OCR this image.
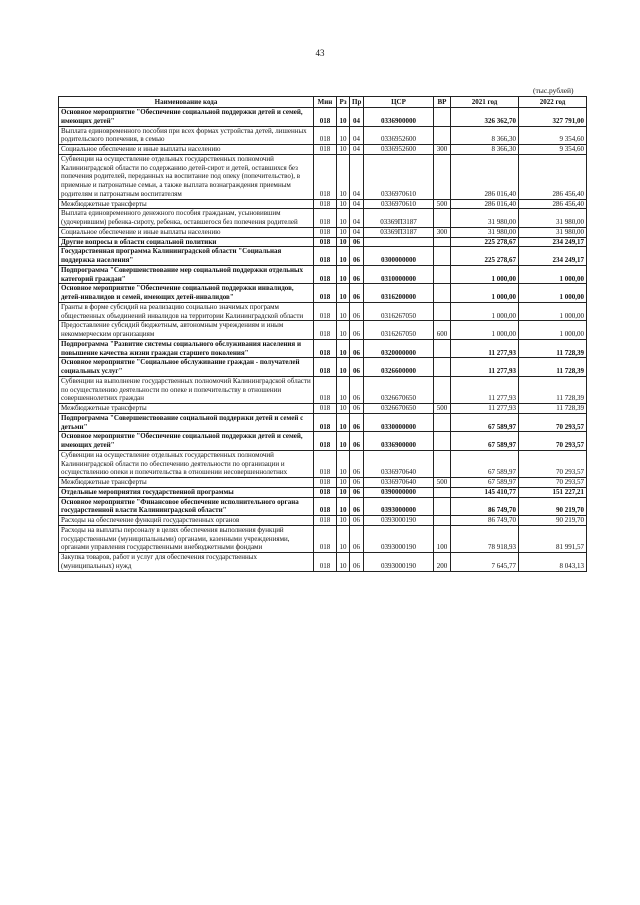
43
(тыс.рублей)
Наименование кода	Мин	Рз	Пр	ЦСР	ВР	2021 год	2022 год
Основное мероприятие "Обеспечение социальной поддержки детей и семей, имеющих детей"	018	10	04	0336900000		326 362,70	327 791,00
Выплата единовременного пособия при всех формах устройства детей, лишенных родительского попечения, в семью	018	10	04	0336952600		8 366,30	9 354,60
Социальное обеспечение и иные выплаты населению	018	10	04	0336952600	300	8 366,30	9 354,60
Субвенции на осуществление отдельных государственных полномочий Калининградской области по содержанию детей-сирот и детей, оставшихся без попечения родителей, переданных на воспитание под опеку (попечительство), в приемные и патронатные семьи, а также выплата вознаграждения приемным родителям и патронатным воспитателям	018	10	04	0336970610		286 016,40	286 456,40
Межбюджетные трансферты	018	10	04	0336970610	500	286 016,40	286 456,40
Выплата единовременного денежного пособия гражданам, усыновившим (удочерившим) ребенка-сироту, ребенка, оставшегося без попечения родителей	018	10	04	03369П3187		31 980,00	31 980,00
Социальное обеспечение и иные выплаты населению	018	10	04	03369П3187	300	31 980,00	31 980,00
Другие вопросы в области социальной политики	018	10	06			225 278,67	234 249,17
Государственная программа Калининградской области "Социальная поддержка населения"	018	10	06	0300000000		225 278,67	234 249,17
Подпрограмма "Совершенствование мер социальной поддержки отдельных категорий граждан"	018	10	06	0310000000		1 000,00	1 000,00
Основное мероприятие "Обеспечение социальной поддержки инвалидов, детей-инвалидов и семей, имеющих детей-инвалидов"	018	10	06	0316200000		1 000,00	1 000,00
Гранты в форме субсидий на реализацию социально значимых программ общественных объединений инвалидов на территории Калининградской области	018	10	06	0316267050		1 000,00	1 000,00
Предоставление субсидий бюджетным, автономным учреждениям и иным некоммерческим организациям	018	10	06	0316267050	600	1 000,00	1 000,00
Подпрограмма "Развитие системы социального обслуживания населения и повышение качества жизни граждан старшего поколения"	018	10	06	0320000000		11 277,93	11 728,39
Основное мероприятие "Социальное обслуживание граждан - получателей социальных услуг"	018	10	06	0326600000		11 277,93	11 728,39
Субвенции на выполнение государственных полномочий Калининградской области по осуществлению деятельности по опеке и попечительству в отношении совершеннолетних граждан	018	10	06	0326670650		11 277,93	11 728,39
Межбюджетные трансферты	018	10	06	0326670650	500	11 277,93	11 728,39
Подпрограмма "Совершенствование социальной поддержки детей и семей с детьми"	018	10	06	0330000000		67 589,97	70 293,57
Основное мероприятие "Обеспечение социальной поддержки детей и семей, имеющих детей"	018	10	06	0336900000		67 589,97	70 293,57
Субвенции на осуществление отдельных государственных полномочий Калининградской области по обеспечению деятельности по организации и осуществлению опеки и попечительства в отношении несовершеннолетних	018	10	06	0336970640		67 589,97	70 293,57
Межбюджетные трансферты	018	10	06	0336970640	500	67 589,97	70 293,57
Отдельные мероприятия государственной программы	018	10	06	0390000000		145 410,77	151 227,21
Основное мероприятие "Финансовое обеспечение исполнительного органа государственной власти Калининградской области"	018	10	06	0393000000		86 749,70	90 219,70
Расходы на обеспечение функций государственных органов	018	10	06	0393000190		86 749,70	90 219,70
Расходы на выплаты персоналу в целях обеспечения выполнения функций государственными (муниципальными) органами, казенными учреждениями, органами управления государственными внебюджетными фондами	018	10	06	0393000190	100	78 918,93	81 991,57
Закупка товаров, работ и услуг для обеспечения государственных (муниципальных) нужд	018	10	06	0393000190	200	7 645,77	8 043,13
